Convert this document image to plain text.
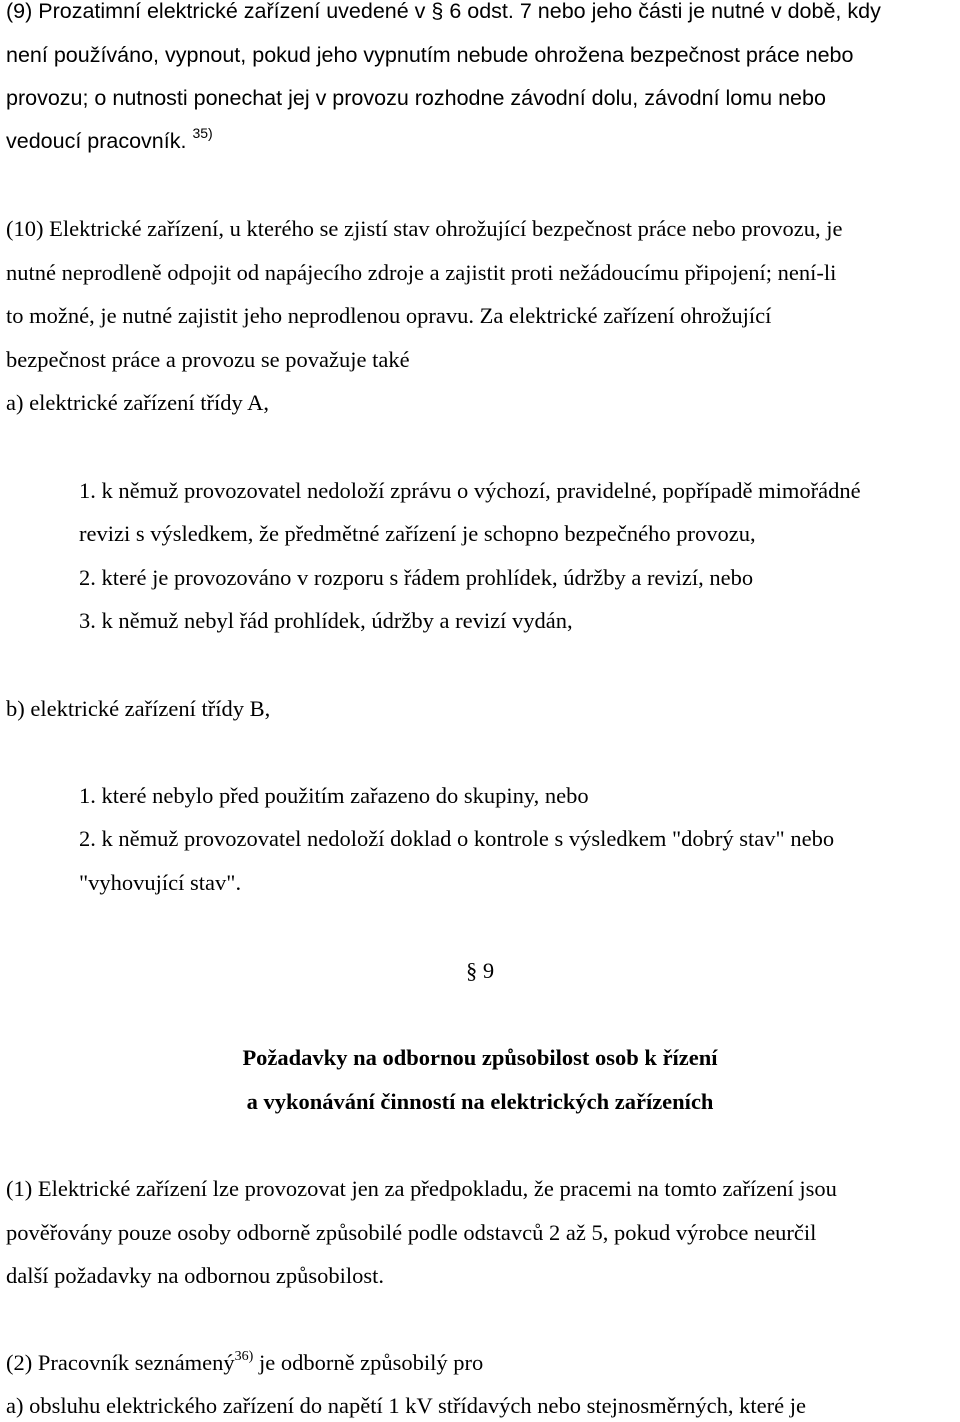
(9) Prozatimní elektrické zařízení uvedené v § 6 odst. 7 nebo jeho části je nutné v době, kdy
není používáno, vypnout, pokud jeho vypnutím nebude ohrožena bezpečnost práce nebo
provozu; o nutnosti ponechat jej v provozu rozhodne závodní dolu, závodní lomu nebo
vedoucí pracovník. $^{35)}$
(10) Elektrické zařízení, u kterého se zjistí stav ohrožující bezpečnost práce nebo provozu, je
nutné neprodleně odpojit od napájecího zdroje a zajistit proti nežádoucímu připojení; není-li
to možné, je nutné zajistit jeho neprodlenou opravu. Za elektrické zařízení ohrožující
bezpečnost práce a provozu se považuje také
a) elektrické zařízení třídy A,
1. k němuž provozovatel nedoloží zprávu o výchozí, pravidelné, popřípadě mimořádné
revizi s výsledkem, že předmětné zařízení je schopno bezpečného provozu,
2. které je provozováno v rozporu s řádem prohlídek, údržby a revizí, nebo
3. k němuž nebyl řád prohlídek, údržby a revizí vydán,
b) elektrické zařízení třídy B,
1. které nebylo před použitím zařazeno do skupiny, nebo
2. k němuž provozovatel nedoloží doklad o kontrole s výsledkem "dobrý stav" nebo
"vyhovující stav".
§ 9
Požadavky na odbornou způsobilost osob k řízení
a vykonávání činností na elektrických zařízeních
(1) Elektrické zařízení lze provozovat jen za předpokladu, že pracemi na tomto zařízení jsou
pověřovány pouze osoby odborně způsobilé podle odstavců 2 až 5, pokud výrobce neurčil
další požadavky na odbornou způsobilost.
(2) Pracovník seznámený$^{36)}$ je odborně způsobilý pro
a) obsluhu elektrického zařízení do napětí 1 kV střídavých nebo stejnosměrných, které je
